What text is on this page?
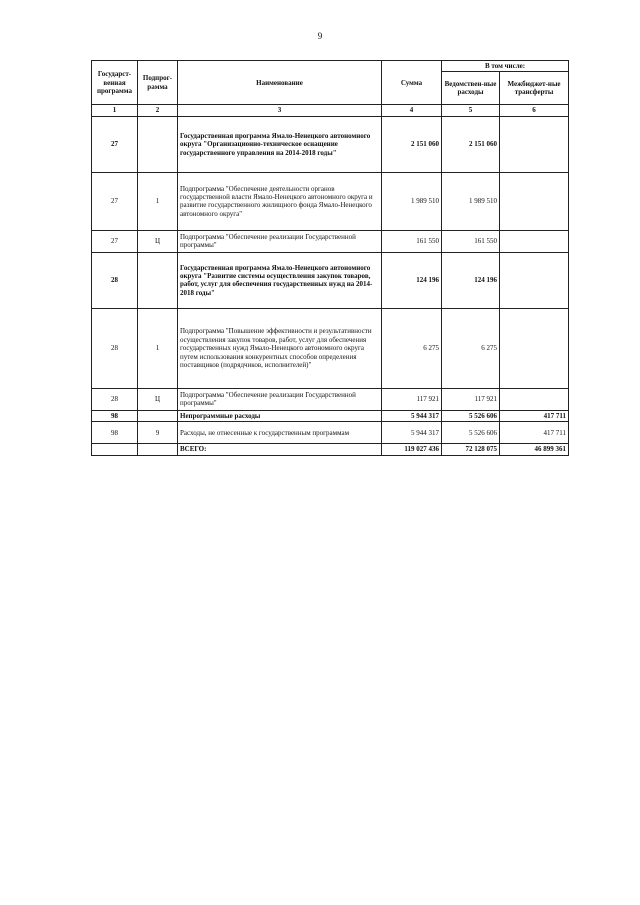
9
Государст-венная программа	Подпрог-рамма	Наименование	Сумма	В том числе:	
				Ведомствен-ные расходы	Межбюджет-ные трансферты
1	2	3	4	5	6
27		Государственная программа Ямало-Ненецкого автономного округа "Организационно-техническое оснащение государственного управления на 2014-2018 годы"	2 151 060	2 151 060	
27	1	Подпрограмма "Обеспечение деятельности органов государственной власти Ямало-Ненецкого автономного округа и развитие государственного жилищного фонда Ямало-Ненецкого автономного округа"	1 989 510	1 989 510	
27	Ц	Подпрограмма "Обеспечение реализации Государственной программы"	161 550	161 550	
28		Государственная программа Ямало-Ненецкого автономного округа "Развитие системы осуществления закупок товаров, работ, услуг для обеспечения государственных нужд на 2014-2018 годы"	124 196	124 196	
28	1	Подпрограмма "Повышение эффективности и результативности осуществления закупок товаров, работ, услуг для обеспечения государственных нужд Ямало-Ненецкого автономного округа путем использования конкурентных способов определения поставщиков (подрядчиков, исполнителей)"	6 275	6 275	
28	Ц	Подпрограмма "Обеспечение реализации Государственной программы"	117 921	117 921	
98		Непрограммные расходы	5 944 317	5 526 606	417 711
98	9	Расходы, не отнесенные к государственным программам	5 944 317	5 526 606	417 711
		ВСЕГО:	119 027 436	72 128 075	46 899 361
